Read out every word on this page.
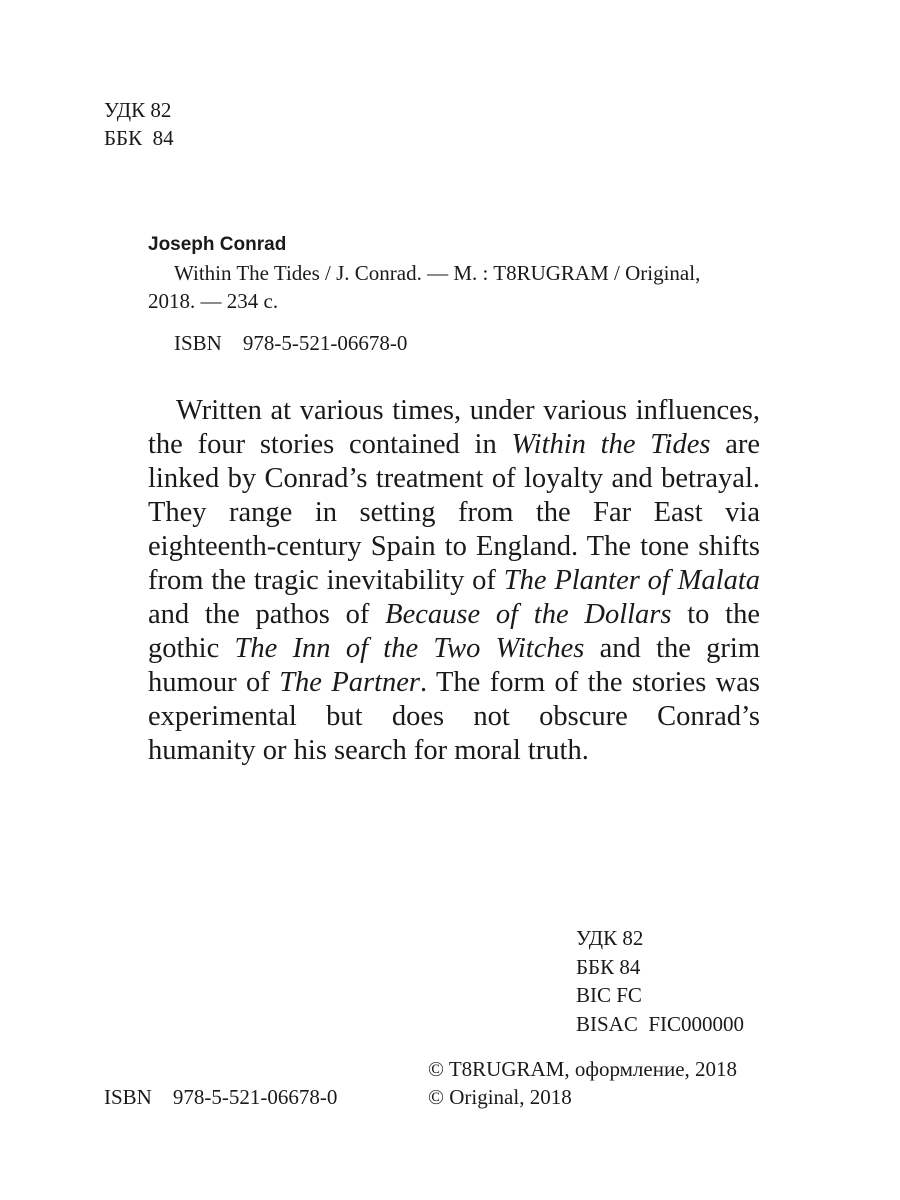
УДК 82
ББК  84
Joseph Conrad
Within The Tides / J. Conrad. — M. : T8RUGRAM / Original,
2018. — 234 с.
ISBN 978-5-521-06678-0

Written at various times, under various influences, the four stories contained in Within the Tides are linked by Conrad’s treatment of loyalty and betrayal. They range in setting from the Far East via eighteenth-century Spain to England. The tone shifts from the tragic inevitability of The Planter of Malata and the pathos of Because of the Dollars to the gothic The Inn of the Two Witches and the grim humour of The Partner. The form of the stories was experimental but does not obscure Conrad’s humanity or his search for moral truth.

УДК 82
ББК 84
BIC FC
BISAC  FIC000000
© T8RUGRAM, оформление, 2018
© Original, 2018
ISBN 978-5-521-06678-0
